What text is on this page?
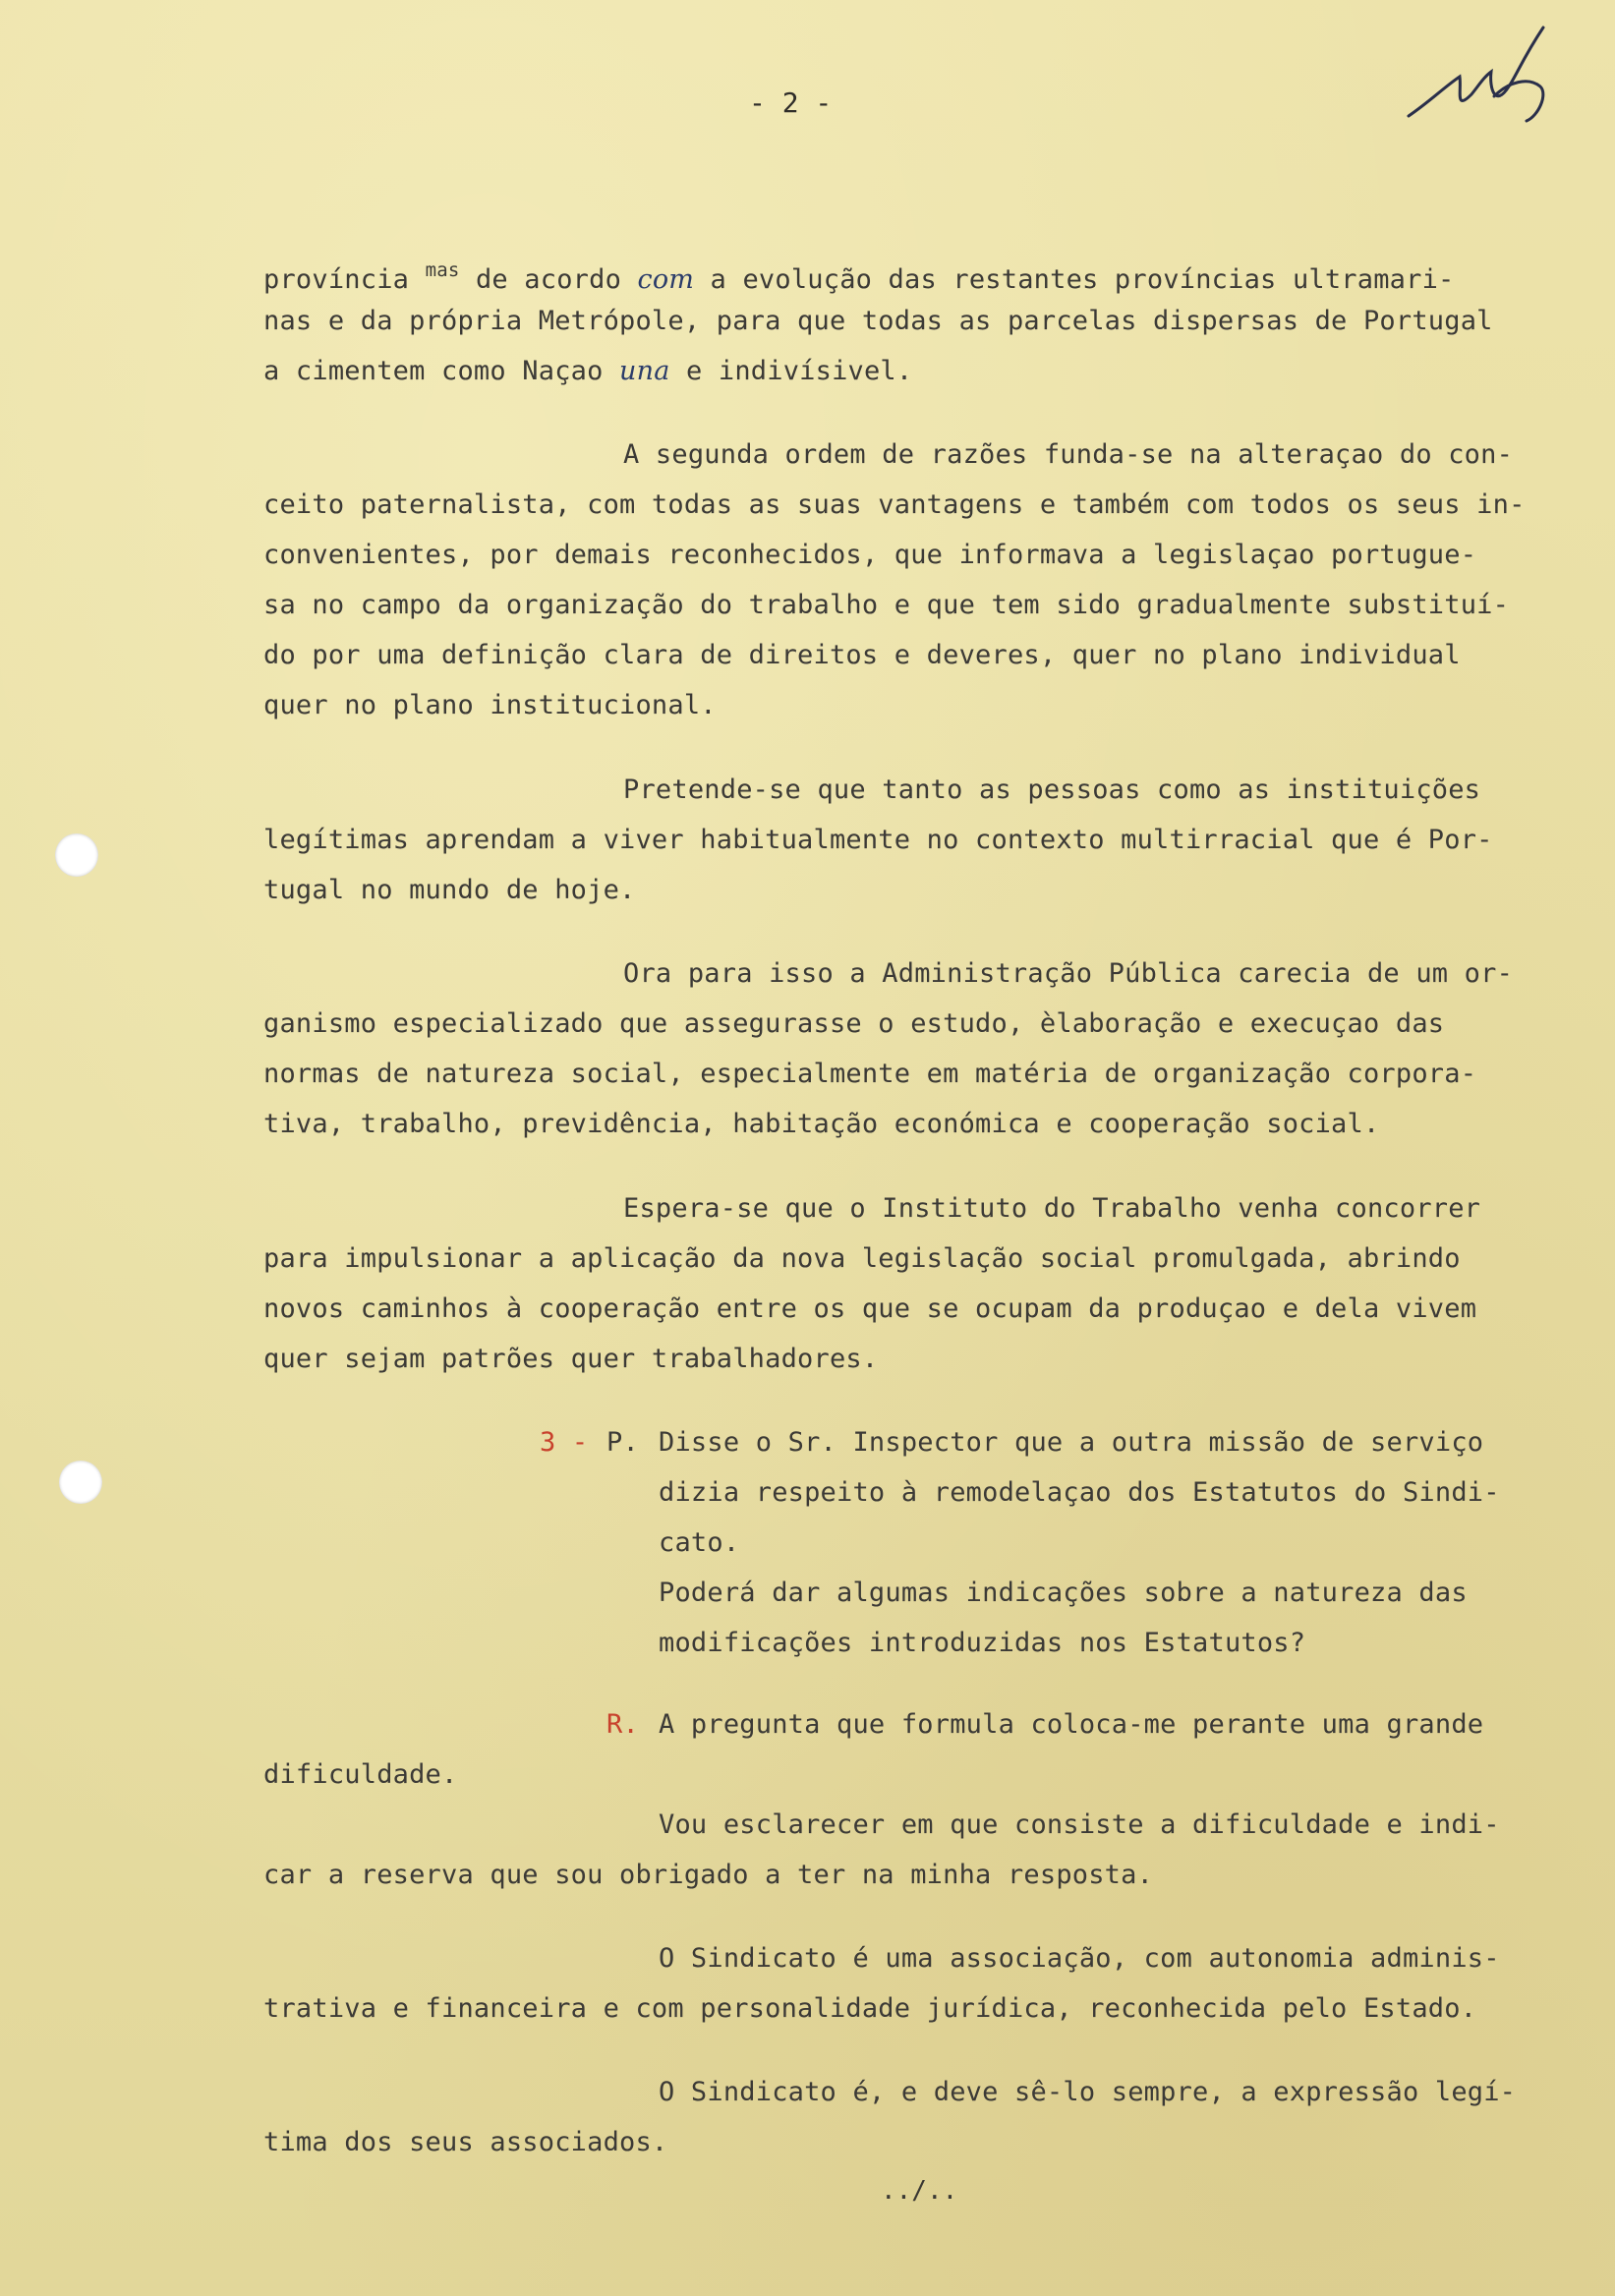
- 2 -
província $^{mas}$ de acordo com a evolução das restantes províncias ultramari-
nas e da própria Metrópole, para que todas as parcelas dispersas de Portugal
a cimentem como Naçao una e indivísivel.
A segunda ordem de razões funda-se na alteraçao do con-
ceito paternalista, com todas as suas vantagens e também com todos os seus in-
convenientes, por demais reconhecidos, que informava a legislaçao portugue-
sa no campo da organização do trabalho e que tem sido gradualmente substituí-
do por uma definição clara de direitos e deveres, quer no plano individual
quer no plano institucional.
Pretende-se que tanto as pessoas como as instituições
legítimas aprendam a viver habitualmente no contexto multirracial que é Por-
tugal no mundo de hoje.
Ora para isso a Administração Pública carecia de um or-
ganismo especializado que assegurasse o estudo, èlaboração e execuçao das
normas de natureza social, especialmente em matéria de organização corpora-
tiva, trabalho, previdência, habitação económica e cooperação social.
Espera-se que o Instituto do Trabalho venha concorrer
para impulsionar a aplicação da nova legislação social promulgada, abrindo
novos caminhos à cooperação entre os que se ocupam da produçao e dela vivem
quer sejam patrões quer trabalhadores.
3 - P. Disse o Sr. Inspector que a outra missão de serviço
dizia respeito à remodelaçao dos Estatutos do Sindi-
cato.
Poderá dar algumas indicações sobre a natureza das
modificações introduzidas nos Estatutos?
R. A pregunta que formula coloca-me perante uma grande
dificuldade.
Vou esclarecer em que consiste a dificuldade e indi-
car a reserva que sou obrigado a ter na minha resposta.
O Sindicato é uma associação, com autonomia adminis-
trativa e financeira e com personalidade jurídica, reconhecida pelo Estado.
O Sindicato é, e deve sê-lo sempre, a expressão legí-
tima dos seus associados.
../..
